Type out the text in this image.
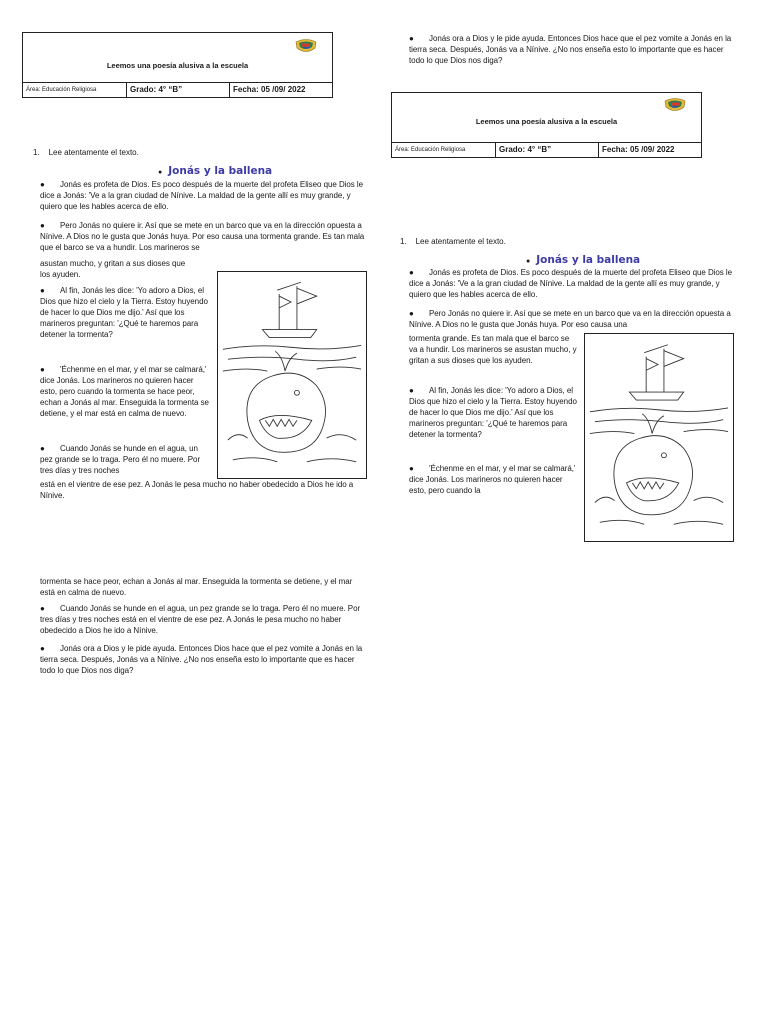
Leemos una poesía alusiva a la escuela
Área: Educación Religiosa	Grado: 4° “B”	Fecha: 05 /09/ 2022
1.    Lee atentamente el texto.
● Jonás y la ballena
● Jonás es profeta de Dios. Es poco después de la muerte del profeta Eliseo que Dios le dice a Jonás: 'Ve a la gran ciudad de Nínive. La maldad de la gente allí es muy grande, y quiero que les hables acerca de ello.
● Pero Jonás no quiere ir. Así que se mete en un barco que va en la dirección opuesta a Nínive. A Dios no le gusta que Jonás huya. Por eso causa una tormenta grande. Es tan mala que el barco se va a hundir. Los marineros se
asustan mucho, y gritan a sus dioses que
los ayuden.
● Al fin, Jonás les dice: 'Yo adoro a Dios, el Dios que hizo el cielo y la Tierra. Estoy huyendo de hacer lo que Dios me dijo.' Así que los marineros preguntan: '¿Qué te haremos para detener la tormenta?
● 'Échenme en el mar, y el mar se calmará,' dice Jonás. Los marineros no quieren hacer esto, pero cuando la tormenta se hace peor, echan a Jonás al mar. Enseguida la tormenta se detiene, y el mar está en calma de nuevo.
● Cuando Jonás se hunde en el agua, un pez grande se lo traga. Pero él no muere. Por tres días y tres noches
está en el vientre de ese pez. A Jonás le pesa mucho no haber obedecido a Dios he ido a Nínive.
tormenta se hace peor, echan a Jonás al mar. Enseguida la tormenta se detiene, y el mar está en calma de nuevo.
● Cuando Jonás se hunde en el agua, un pez grande se lo traga. Pero él no muere. Por tres días y tres noches está en el vientre de ese pez. A Jonás le pesa mucho no haber obedecido a Dios he ido a Nínive.
● Jonás ora a Dios y le pide ayuda. Entonces Dios hace que el pez vomite a Jonás en la tierra seca. Después, Jonás va a Nínive. ¿No nos enseña esto lo importante que es hacer todo lo que Dios nos diga?
● Jonás ora a Dios y le pide ayuda. Entonces Dios hace que el pez vomite a Jonás en la tierra seca. Después, Jonás va a Nínive. ¿No nos enseña esto lo importante que es hacer todo lo que Dios nos diga?
Leemos una poesía alusiva a la escuela
Área: Educación Religiosa	Grado: 4° “B”	Fecha: 05 /09/ 2022
1.    Lee atentamente el texto.
● Jonás y la ballena
● Jonás es profeta de Dios. Es poco después de la muerte del profeta Eliseo que Dios le dice a Jonás: 'Ve a la gran ciudad de Nínive. La maldad de la gente allí es muy grande, y quiero que les hables acerca de ello.
● Pero Jonás no quiere ir. Así que se mete en un barco que va en la dirección opuesta a Nínive. A Dios no le gusta que Jonás huya. Por eso causa una
tormenta grande. Es tan mala que el barco se va a hundir. Los marineros se asustan mucho, y gritan a sus dioses que los ayuden.
● Al fin, Jonás les dice: 'Yo adoro a Dios, el Dios que hizo el cielo y la Tierra. Estoy huyendo de hacer lo que Dios me dijo.' Así que los marineros preguntan: '¿Qué te haremos para detener la tormenta?
● 'Échenme en el mar, y el mar se calmará,' dice Jonás. Los marineros no quieren hacer esto, pero cuando la
